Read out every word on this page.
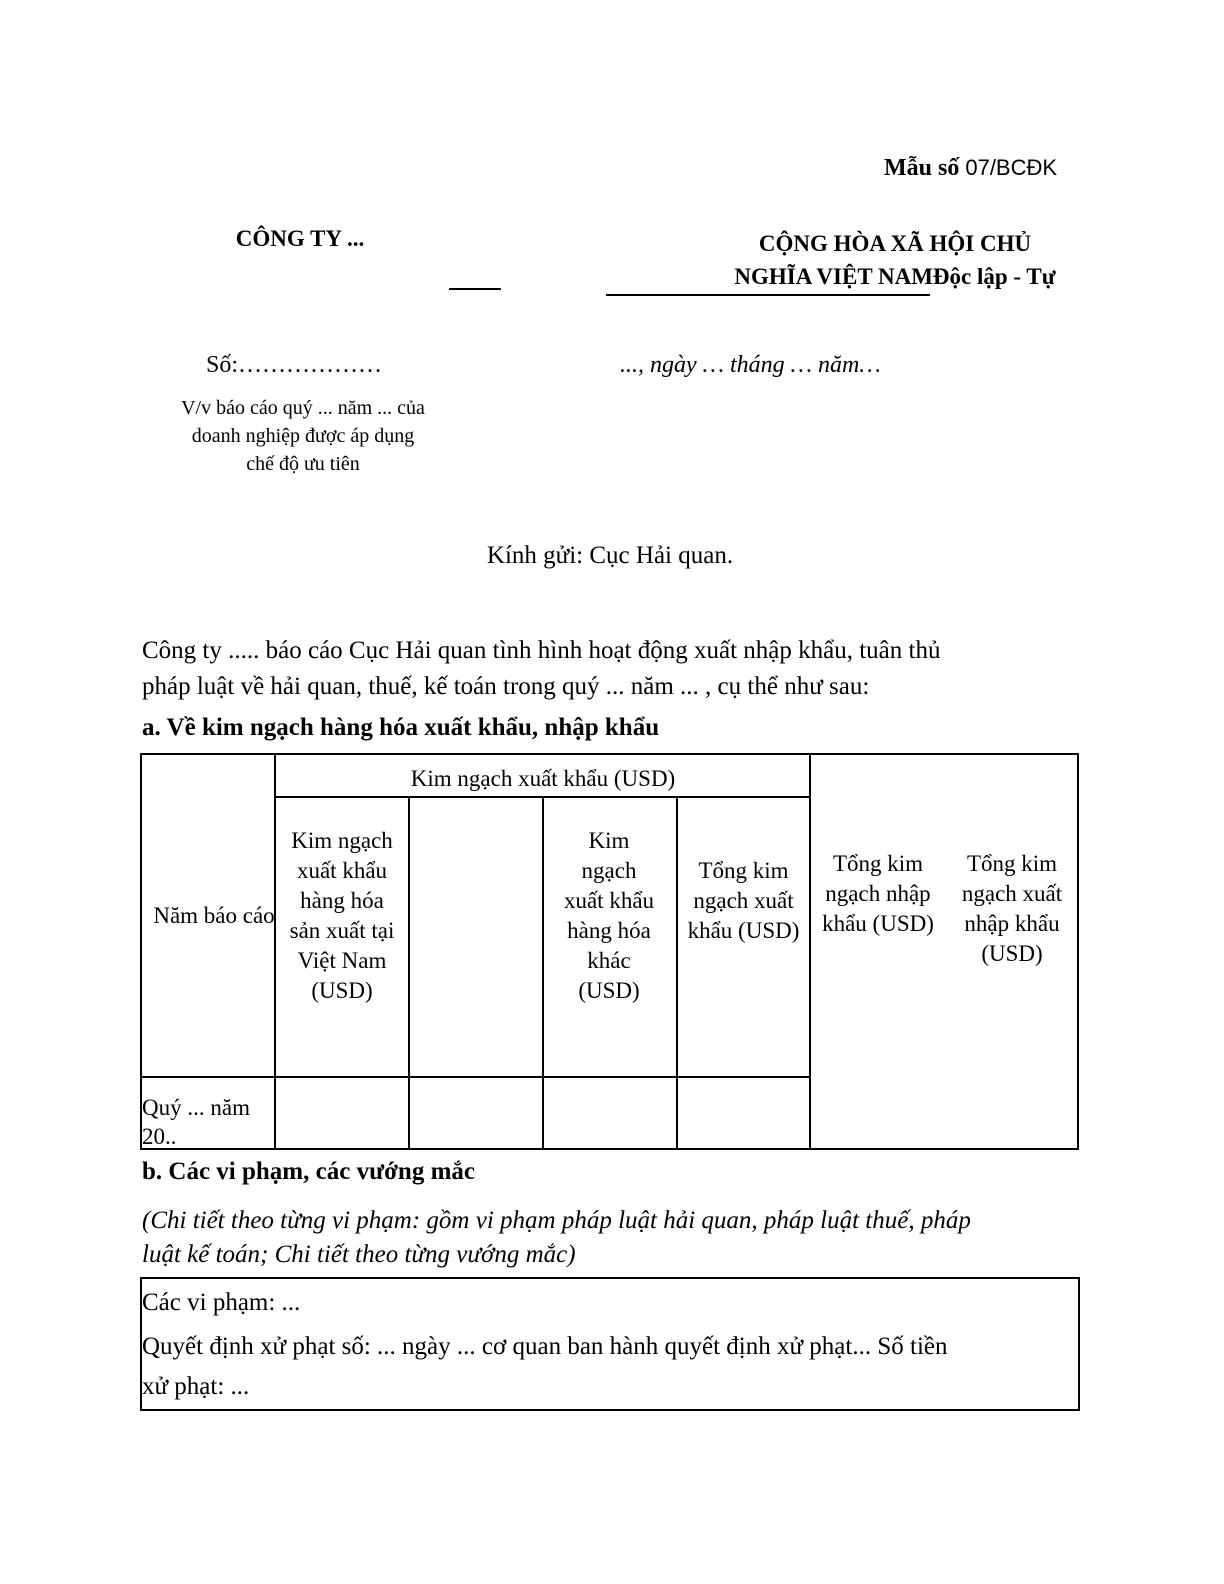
Mẫu số 07/BCĐK
CÔNG TY ...	CỘNG HÒA XÃ HỘI CHỦ
NGHĨA VIỆT NAMĐộc lập - Tự
Số:………………
V/v báo cáo quý ... năm ... của
doanh nghiệp được áp dụng
chế độ ưu tiên
..., ngày … tháng … năm…
Kính gửi: Cục Hải quan.
Công ty ..... báo cáo Cục Hải quan tình hình hoạt động xuất nhập khẩu, tuân thủ
pháp luật về hải quan, thuế, kế toán trong quý ... năm ... , cụ thể như sau:
a. Về kim ngạch hàng hóa xuất khẩu, nhập khẩu
Năm báo cáo
Kim ngạch xuất khẩu (USD)
Kim ngạch xuất khẩu hàng hóa sản xuất tại Việt Nam (USD)
Kim ngạch xuất khẩu hàng hóa khác (USD)
Tổng kim ngạch xuất khẩu (USD)
Tổng kim ngạch nhập khẩu (USD)
Tổng kim ngạch xuất nhập khẩu (USD)
Quý ... năm 20..
b. Các vi phạm, các vướng mắc
(Chi tiết theo từng vi phạm: gồm vi phạm pháp luật hải quan, pháp luật thuế, pháp
luật kế toán; Chi tiết theo từng vướng mắc)
Các vi phạm: ...
Quyết định xử phạt số: ... ngày ... cơ quan ban hành quyết định xử phạt... Số tiền
xử phạt: ...
